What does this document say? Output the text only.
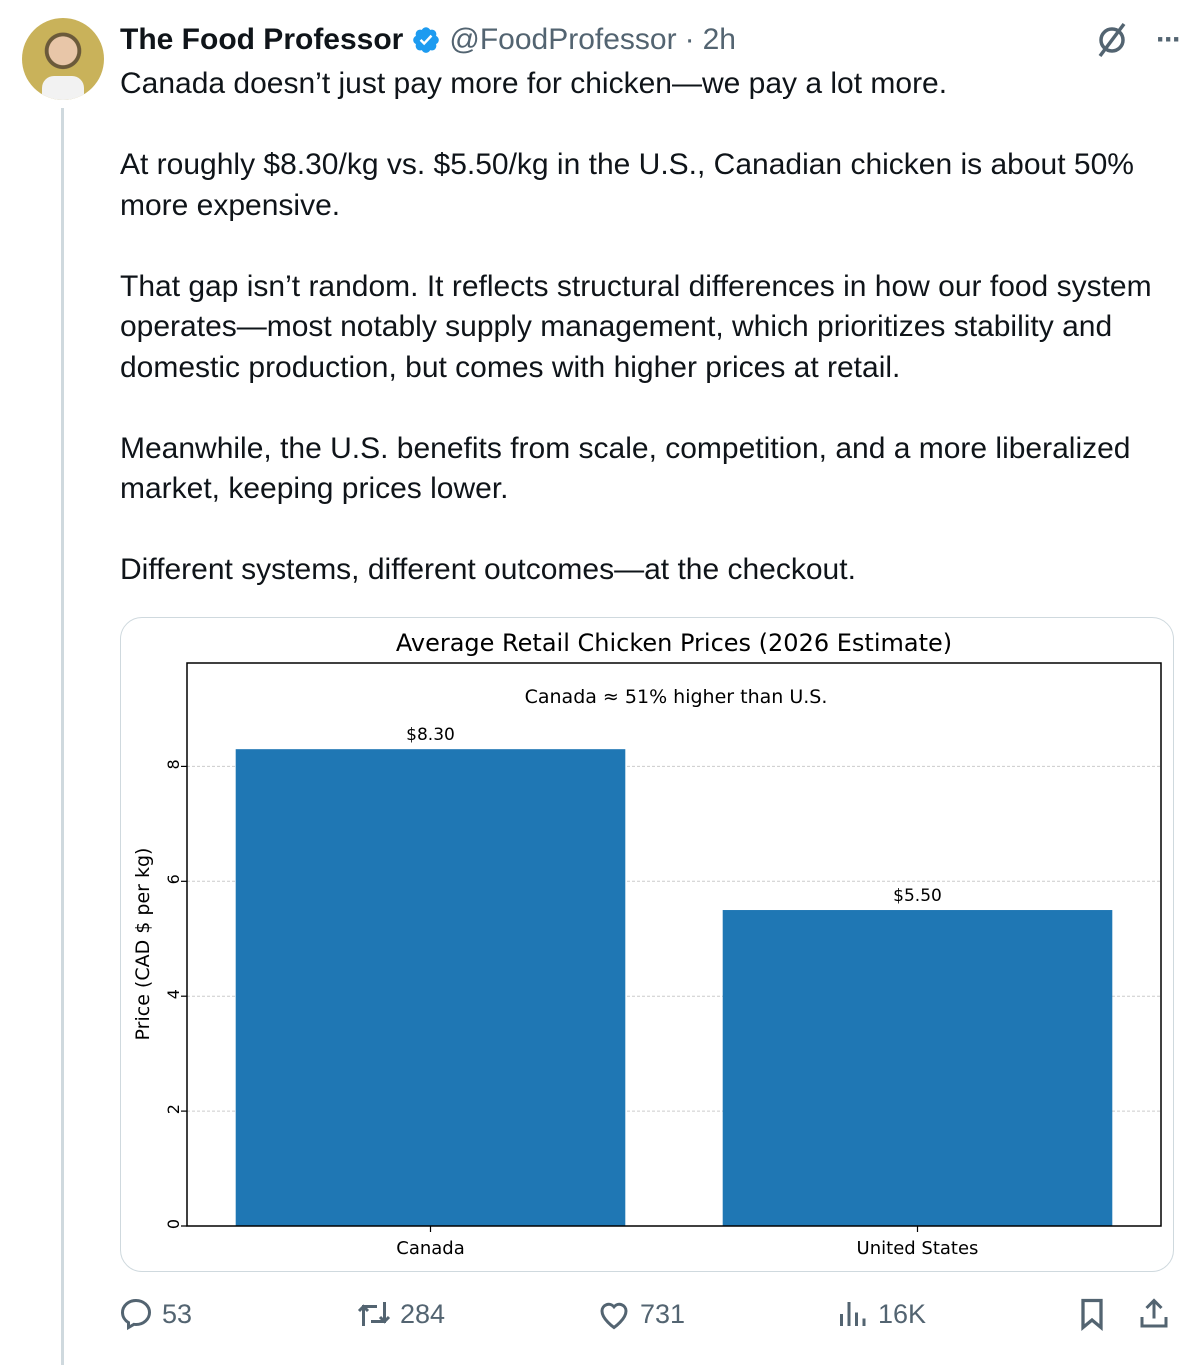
The Food Professor @FoodProfessor · 2h	···

Canada doesn’t just pay more for chicken—we pay a lot more.

At roughly $8.30/kg vs. $5.50/kg in the U.S., Canadian chicken is about 50% more expensive.

That gap isn’t random. It reflects structural differences in how our food system operates—most notably supply management, which prioritizes stability and domestic production, but comes with higher prices at retail.

Meanwhile, the U.S. benefits from scale, competition, and a more liberalized market, keeping prices lower.

Different systems, different outcomes—at the checkout.

Average Retail Chicken Prices (2026 Estimate)
0
2
4
6
8
$8.30
Canada
$5.50
United States
Canada ≈ 51% higher than U.S.
Price (CAD $ per kg)
53	284	731	16K
